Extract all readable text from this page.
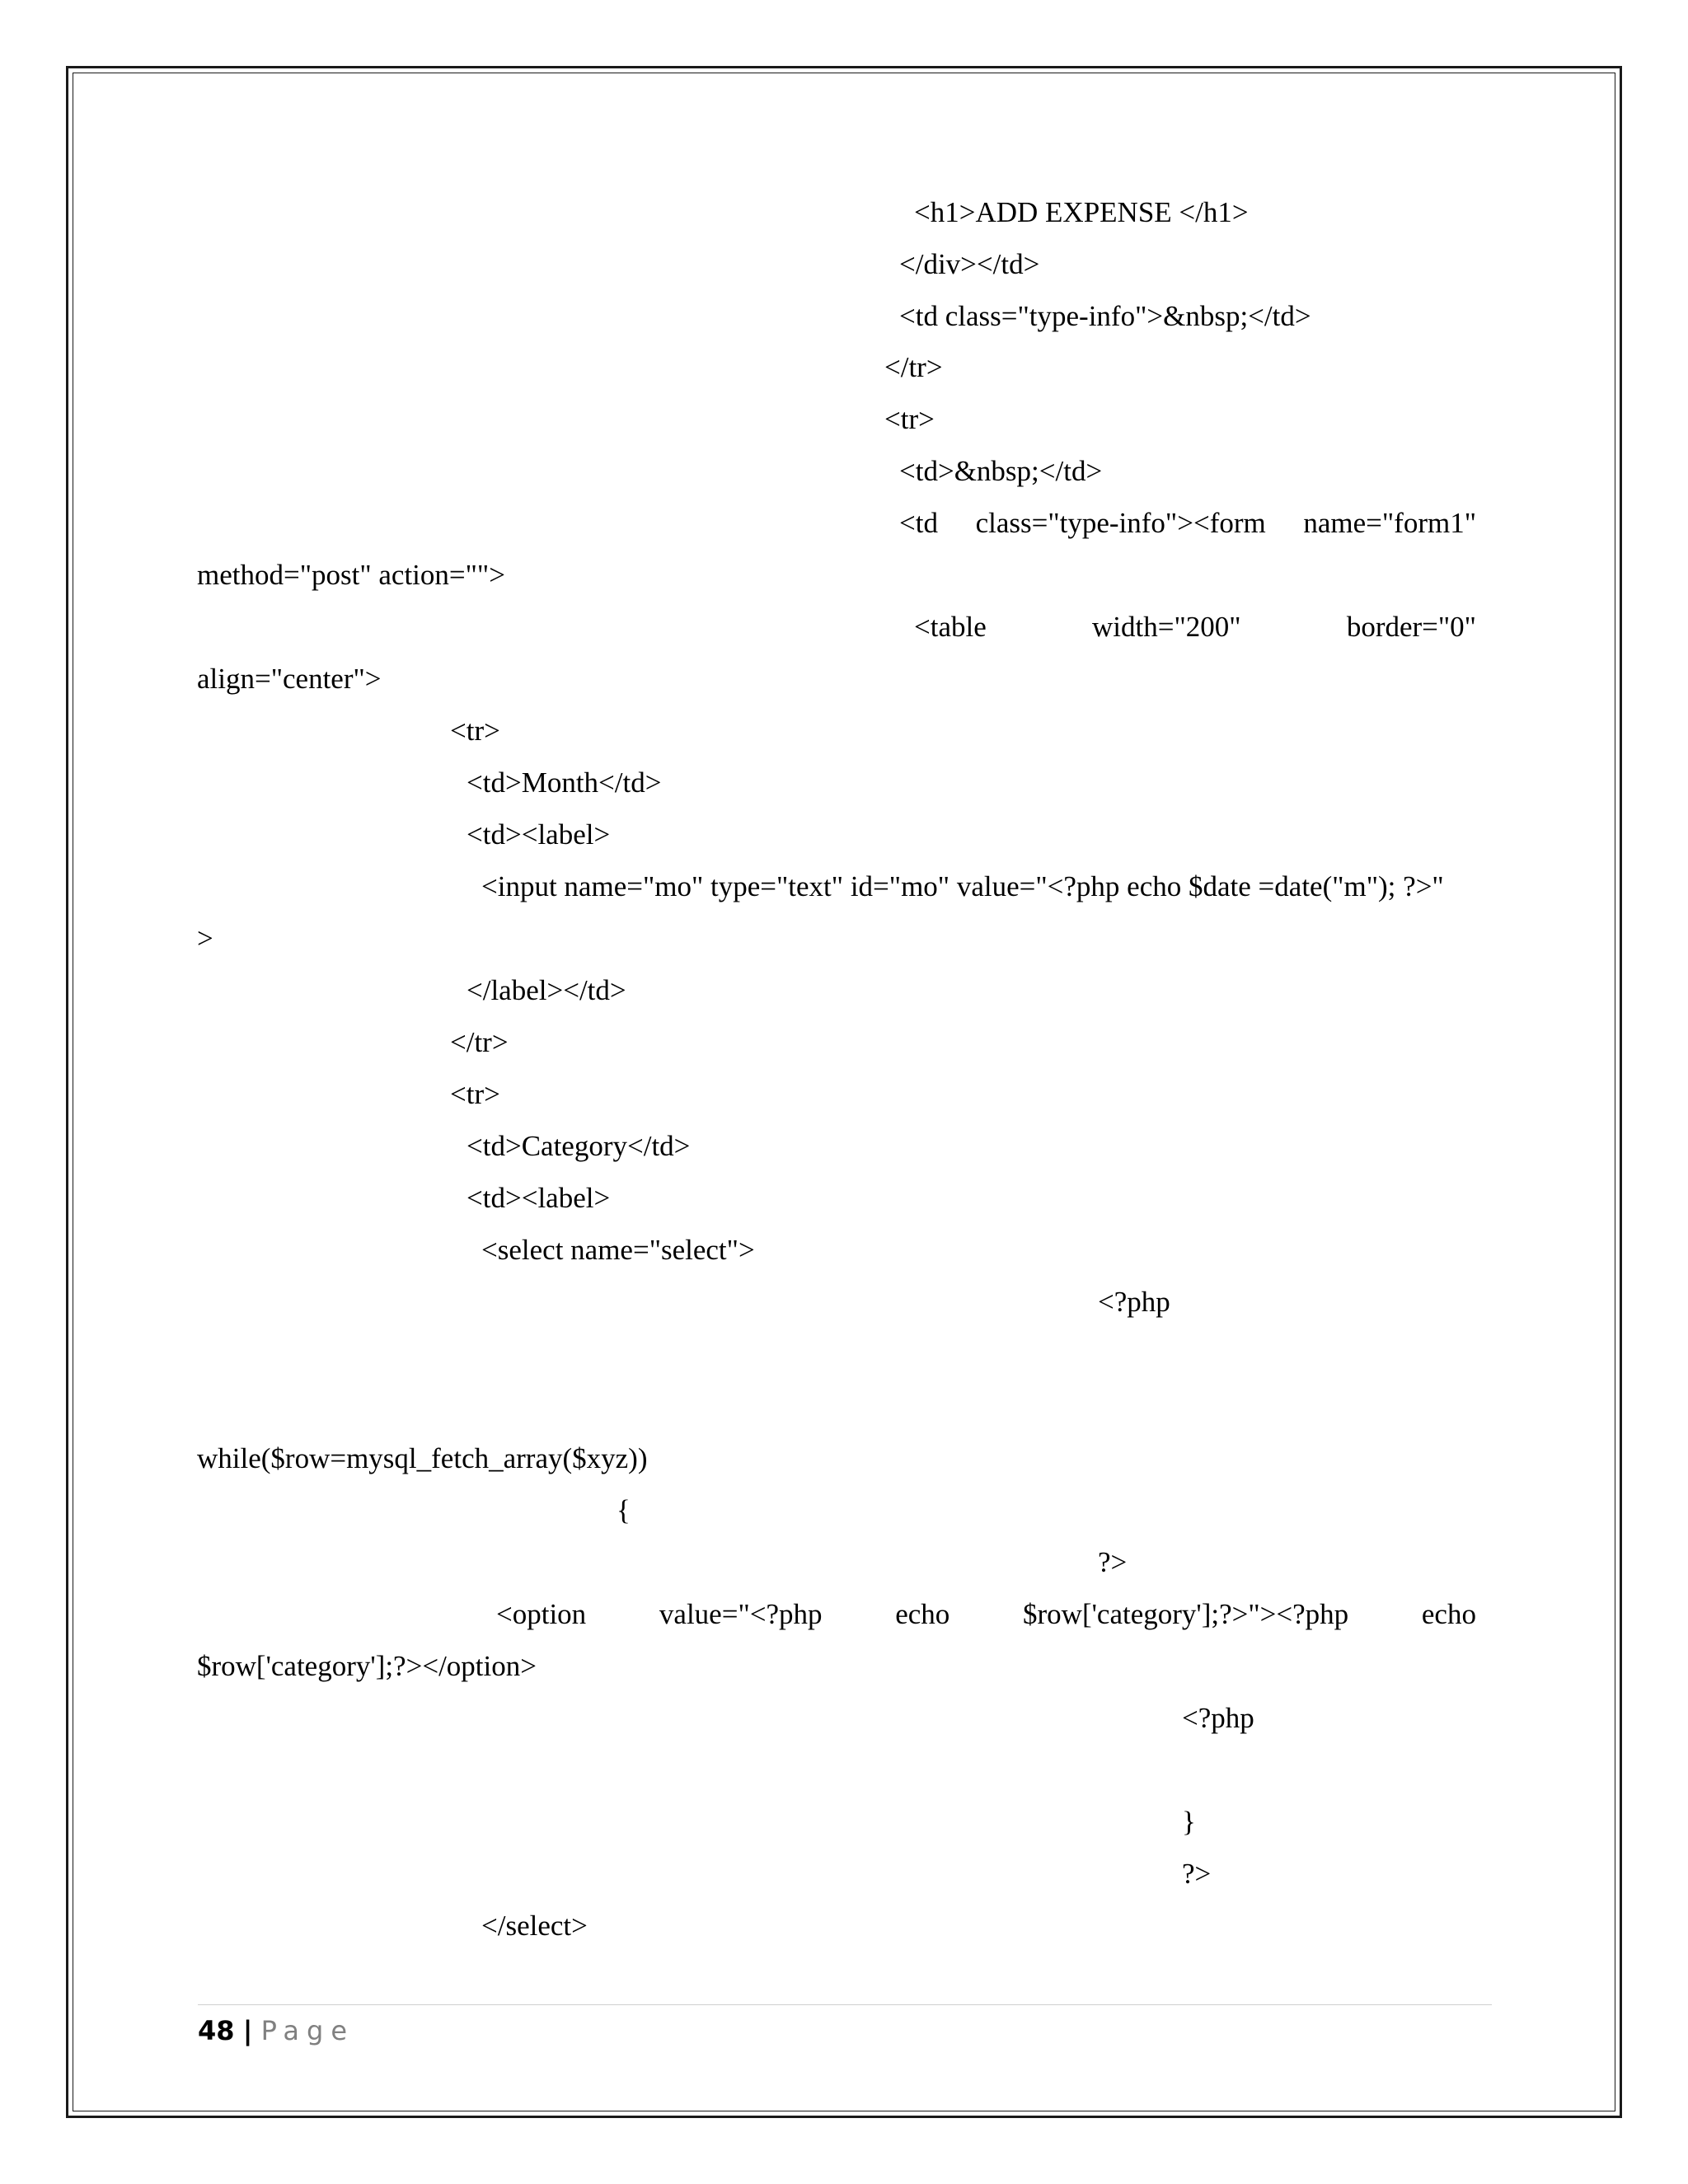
<h1>ADD EXPENSE </h1>
</div></td>
<td class="type-info">&nbsp;</td>
</tr>
<tr>
<td>&nbsp;</td>
<td class="type-info"><form name="form1"
method="post" action="">
<table	width="200"	border="0"
align="center">
<tr>
<td>Month</td>
<td><label>
<input name="mo" type="text" id="mo" value="<?php echo $date =date("m"); ?>"
>
</label></td>
</tr>
<tr>
<td>Category</td>
<td><label>
<select name="select">
<?php
while($row=mysql_fetch_array($xyz))
{
?>
<option	value="<?php	echo	$row['category'];?>"><?php	echo
$row['category'];?></option>
<?php
}
?>
</select>
48 | Page
